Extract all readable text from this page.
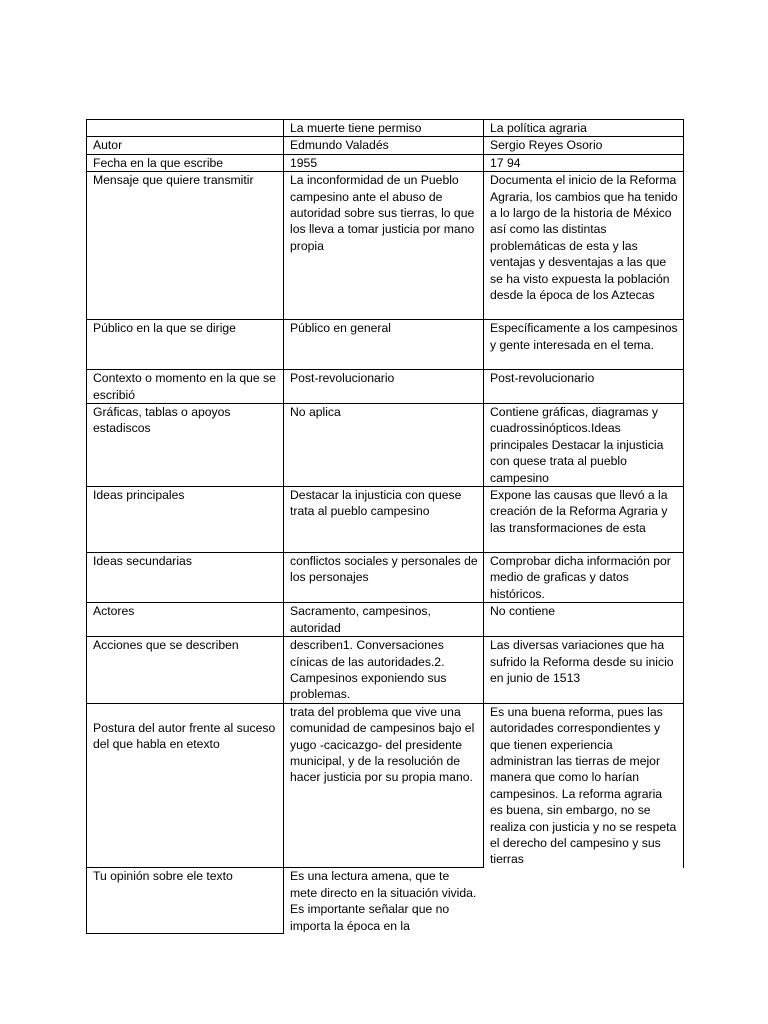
	La muerte tiene permiso	La política agraria
Autor	Edmundo Valadés	Sergio Reyes Osorio
Fecha en la que escribe	1955	17 94
Mensaje que quiere transmitir	La inconformidad de un Pueblo campesino ante el abuso de autoridad sobre sus tierras, lo que los lleva a tomar justicia por mano propia	Documenta el inicio de la Reforma Agraria, los cambios que ha tenido a lo largo de la historia de México así como las distintas problemáticas de esta y las ventajas y desventajas a las que se ha visto expuesta la población desde la época de los Aztecas
Público en la que se dirige	Público en general	Específicamente a los campesinos y gente interesada en el tema.
Contexto o momento en la que se escribió	Post-revolucionario	Post-revolucionario
Gráficas, tablas o apoyos estadiscos	No aplica	Contiene gráficas, diagramas y cuadrossinópticos.Ideas principales Destacar la injusticia con quese trata al pueblo campesino
Ideas principales	Destacar la injusticia con quese trata al pueblo campesino	Expone las causas que llevó a la creación de la Reforma Agraria y las transformaciones de esta
Ideas secundarias	conflictos sociales y personales de los personajes	Comprobar dicha información por medio de graficas y datos históricos.
Actores	Sacramento, campesinos, autoridad	No contiene
Acciones que se describen	describen1. Conversaciones cínicas de las autoridades.2. Campesinos exponiendo sus problemas.	Las diversas variaciones que ha sufrido la Reforma desde su inicio en junio de 1513
Postura del autor frente al suceso del que habla en etexto	trata del problema que vive una comunidad de campesinos bajo el yugo -cacicazgo- del presidente municipal, y de la resolución de hacer justicia por su propia mano.	Es una buena reforma, pues las autoridades correspondientes y que tienen experiencia administran las tierras de mejor manera que como lo harían campesinos. La reforma agraria es buena, sin embargo, no se realiza con justicia y no se respeta el derecho del campesino y sus tierras
Tu opinión sobre ele texto	Es una lectura amena, que te mete directo en la situación vivida. Es importante señalar que no importa la época en la	
